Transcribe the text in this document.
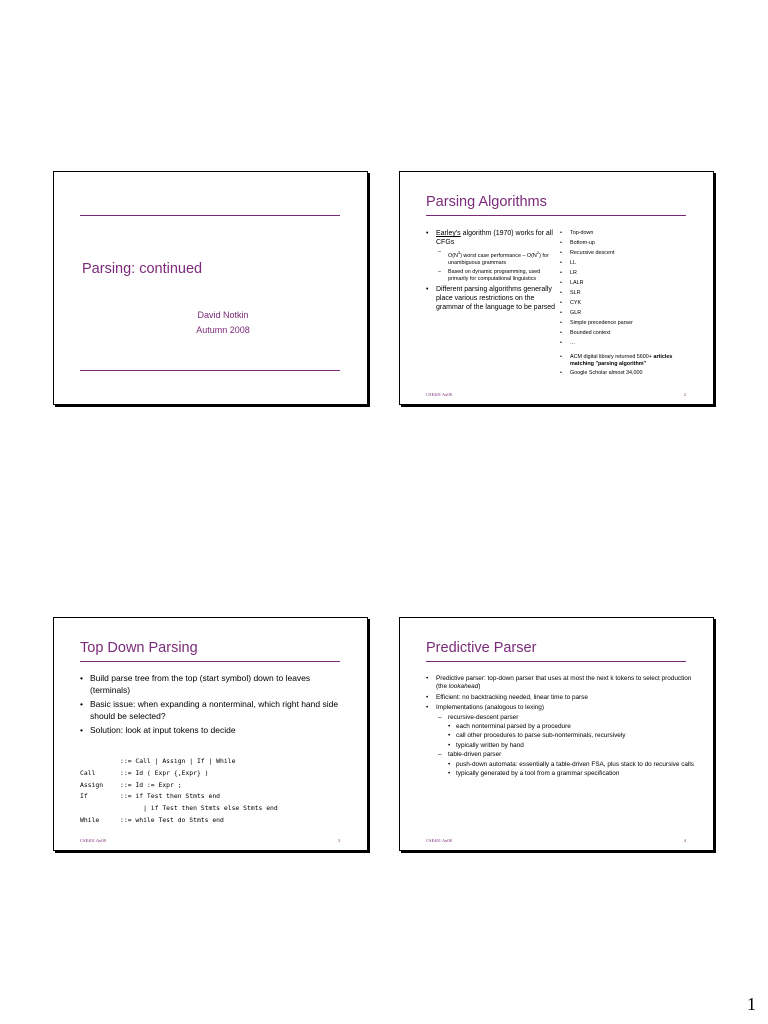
Parsing: continued
David Notkin
Autumn 2008
Parsing Algorithms
• Earley's algorithm (1970) works for all CFGs
– $O(N^3)$ worst case performance – $O(N^2)$ for unambiguous grammars
– Based on dynamic programming, used primarily for computational linguistics
• Different parsing algorithms generally place various restrictions on the grammar of the language to be parsed
• Top-down
• Bottom-up
• Recursive descent
• LL
• LR
• LALR
• SLR
• CYK
• GLR
• Simple precedence parser
• Bounded context
• …
• ACM digital library returned 5600+ articles matching "parsing algorithm"
• Google Scholar almost 34,000
CSE401 Au08	2
Top Down Parsing
• Build parse tree from the top (start symbol) down to leaves (terminals)
• Basic issue: when expanding a nonterminal, which right hand side should be selected?
• Solution: look at input tokens to decide
::= Call | Assign | If | While
Call	::= Id ( Expr {,Expr} )
Assign	::= Id := Expr ;
If	::= if Test then Stmts end
| if Test then Stmts else Stmts end
While	::= while Test do Stmts end
CSE401 Au08	3
Predictive Parser
• Predictive parser: top-down parser that uses at most the next k tokens to select production (the lookahead)
• Efficient: no backtracking needed, linear time to parse
• Implementations (analogous to lexing)
– recursive-descent parser
• each nonterminal parsed by a procedure
• call other procedures to parse sub-nonterminals, recursively
• typically written by hand
– table-driven parser
• push-down automata: essentially a table-driven FSA, plus stack to do recursive calls
• typically generated by a tool from a grammar specification
CSE401 Au08	4
1
